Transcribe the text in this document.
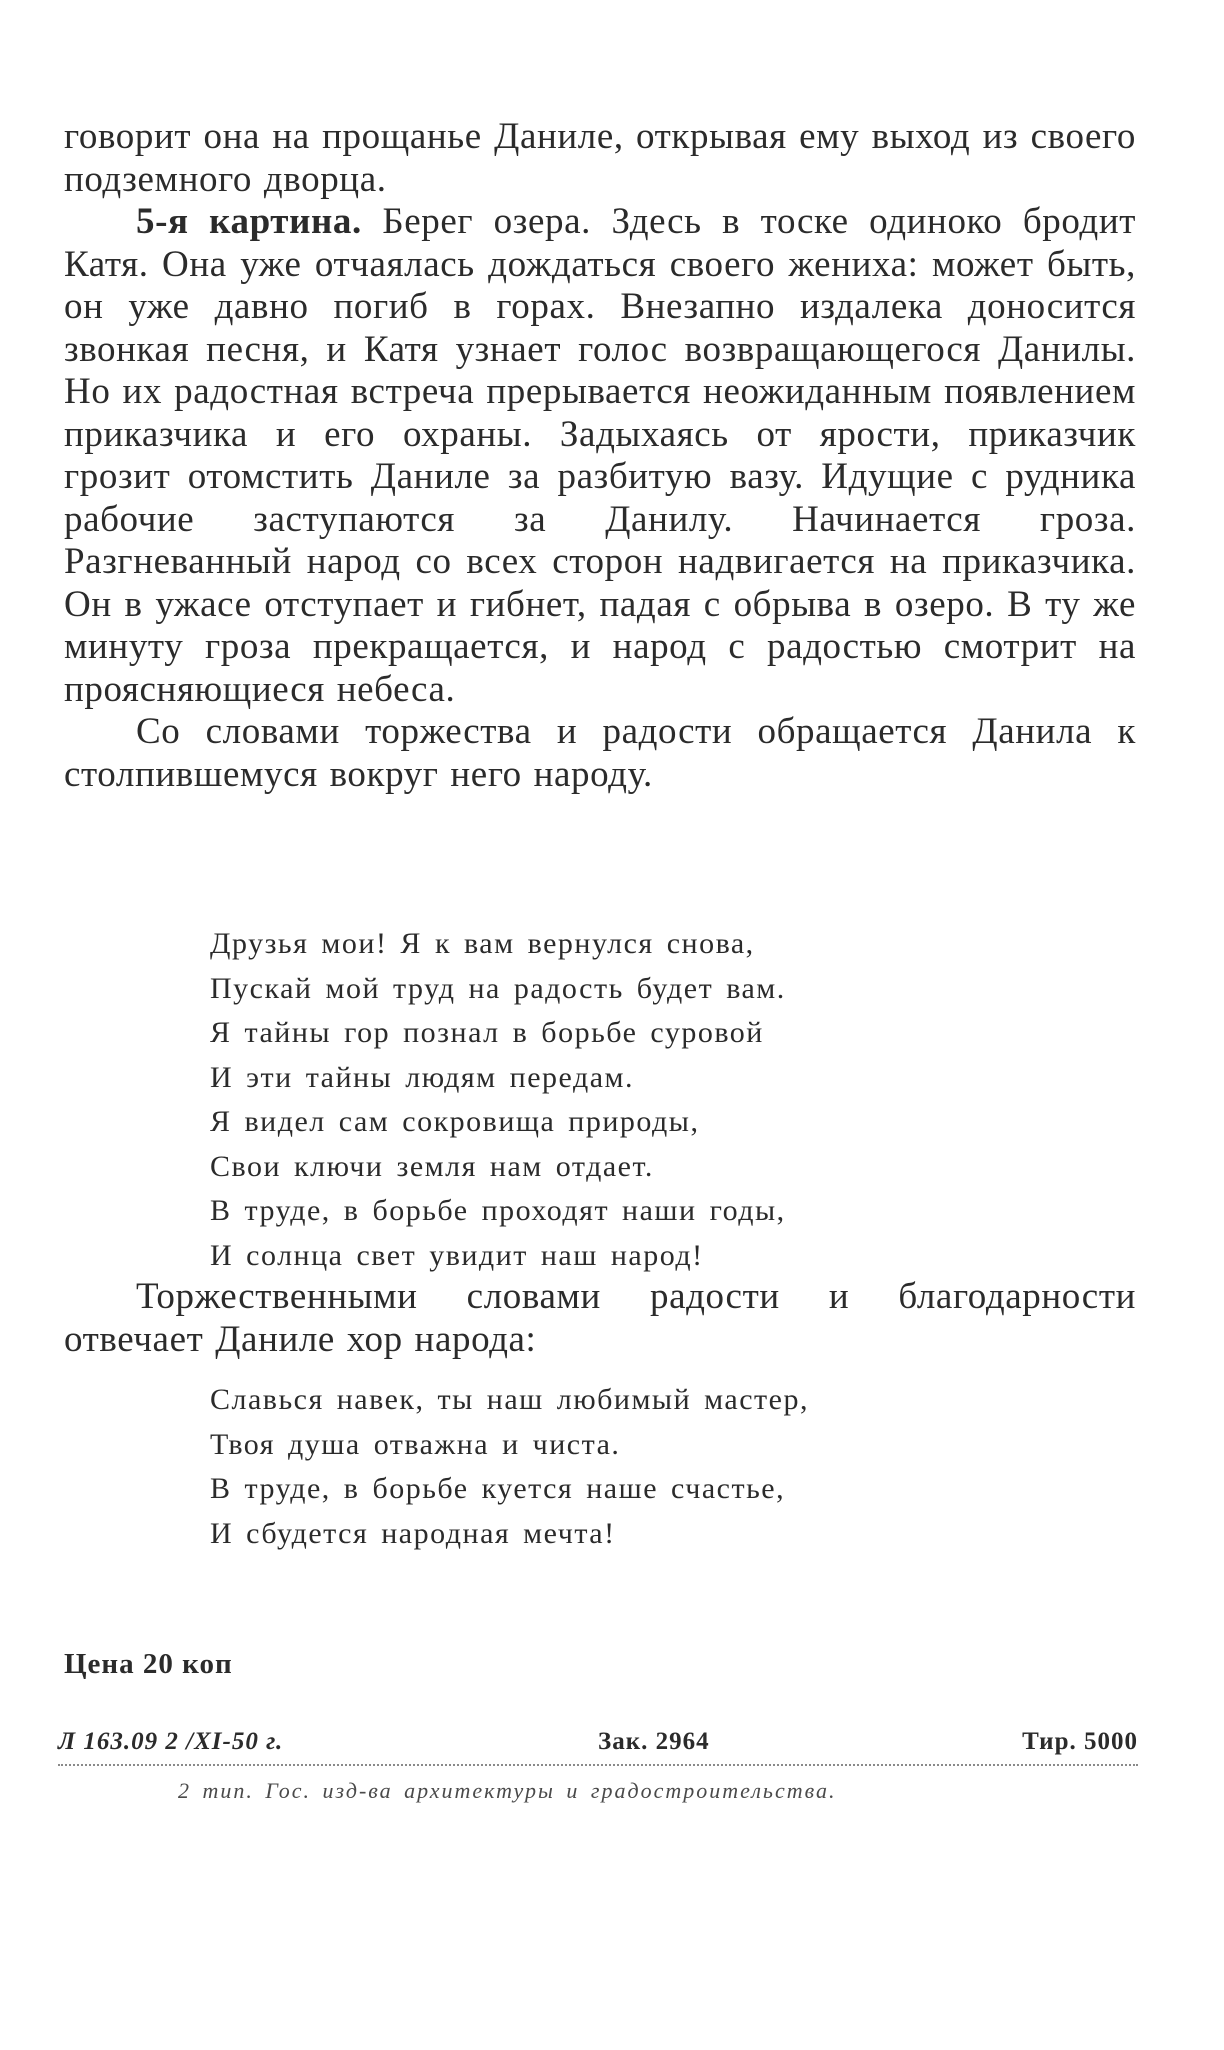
говорит она на прощанье Даниле, открывая ему выход из своего подземного дворца.

5-я картина. Берег озера. Здесь в тоске одиноко бродит Катя. Она уже отчаялась дождаться своего жениха: может быть, он уже давно погиб в горах. Внезапно издалека доносится звонкая песня, и Катя узнает голос возвращающегося Данилы. Но их радостная встреча прерывается неожиданным появлением приказчика и его охраны. Задыхаясь от ярости, приказчик грозит отомстить Даниле за разбитую вазу. Идущие с рудника рабочие заступаются за Данилу. Начинается гроза. Разгневанный народ со всех сторон надвигается на приказчика. Он в ужасе отступает и гибнет, падая с обрыва в озеро. В ту же минуту гроза прекращается, и народ с радостью смотрит на проясняющиеся небеса.

Со словами торжества и радости обращается Данила к столпившемуся вокруг него народу.

Друзья мои! Я к вам вернулся снова,
Пускай мой труд на радость будет вам.
Я тайны гор познал в борьбе суровой
И эти тайны людям передам.
Я видел сам сокровища природы,
Свои ключи земля нам отдает.
В труде, в борьбе проходят наши годы,
И солнца свет увидит наш народ!

Торжественными словами радости и благодарности отвечает Даниле хор народа:

Славься навек, ты наш любимый мастер,
Твоя душа отважна и чиста.
В труде, в борьбе куется наше счастье,
И сбудется народная мечта!
Цена 20 коп
Л 163.09 2 /XI-50 г.	Зак. 2964	Тир. 5000
2 тип. Гос. изд-ва архитектуры и градостроительства.
